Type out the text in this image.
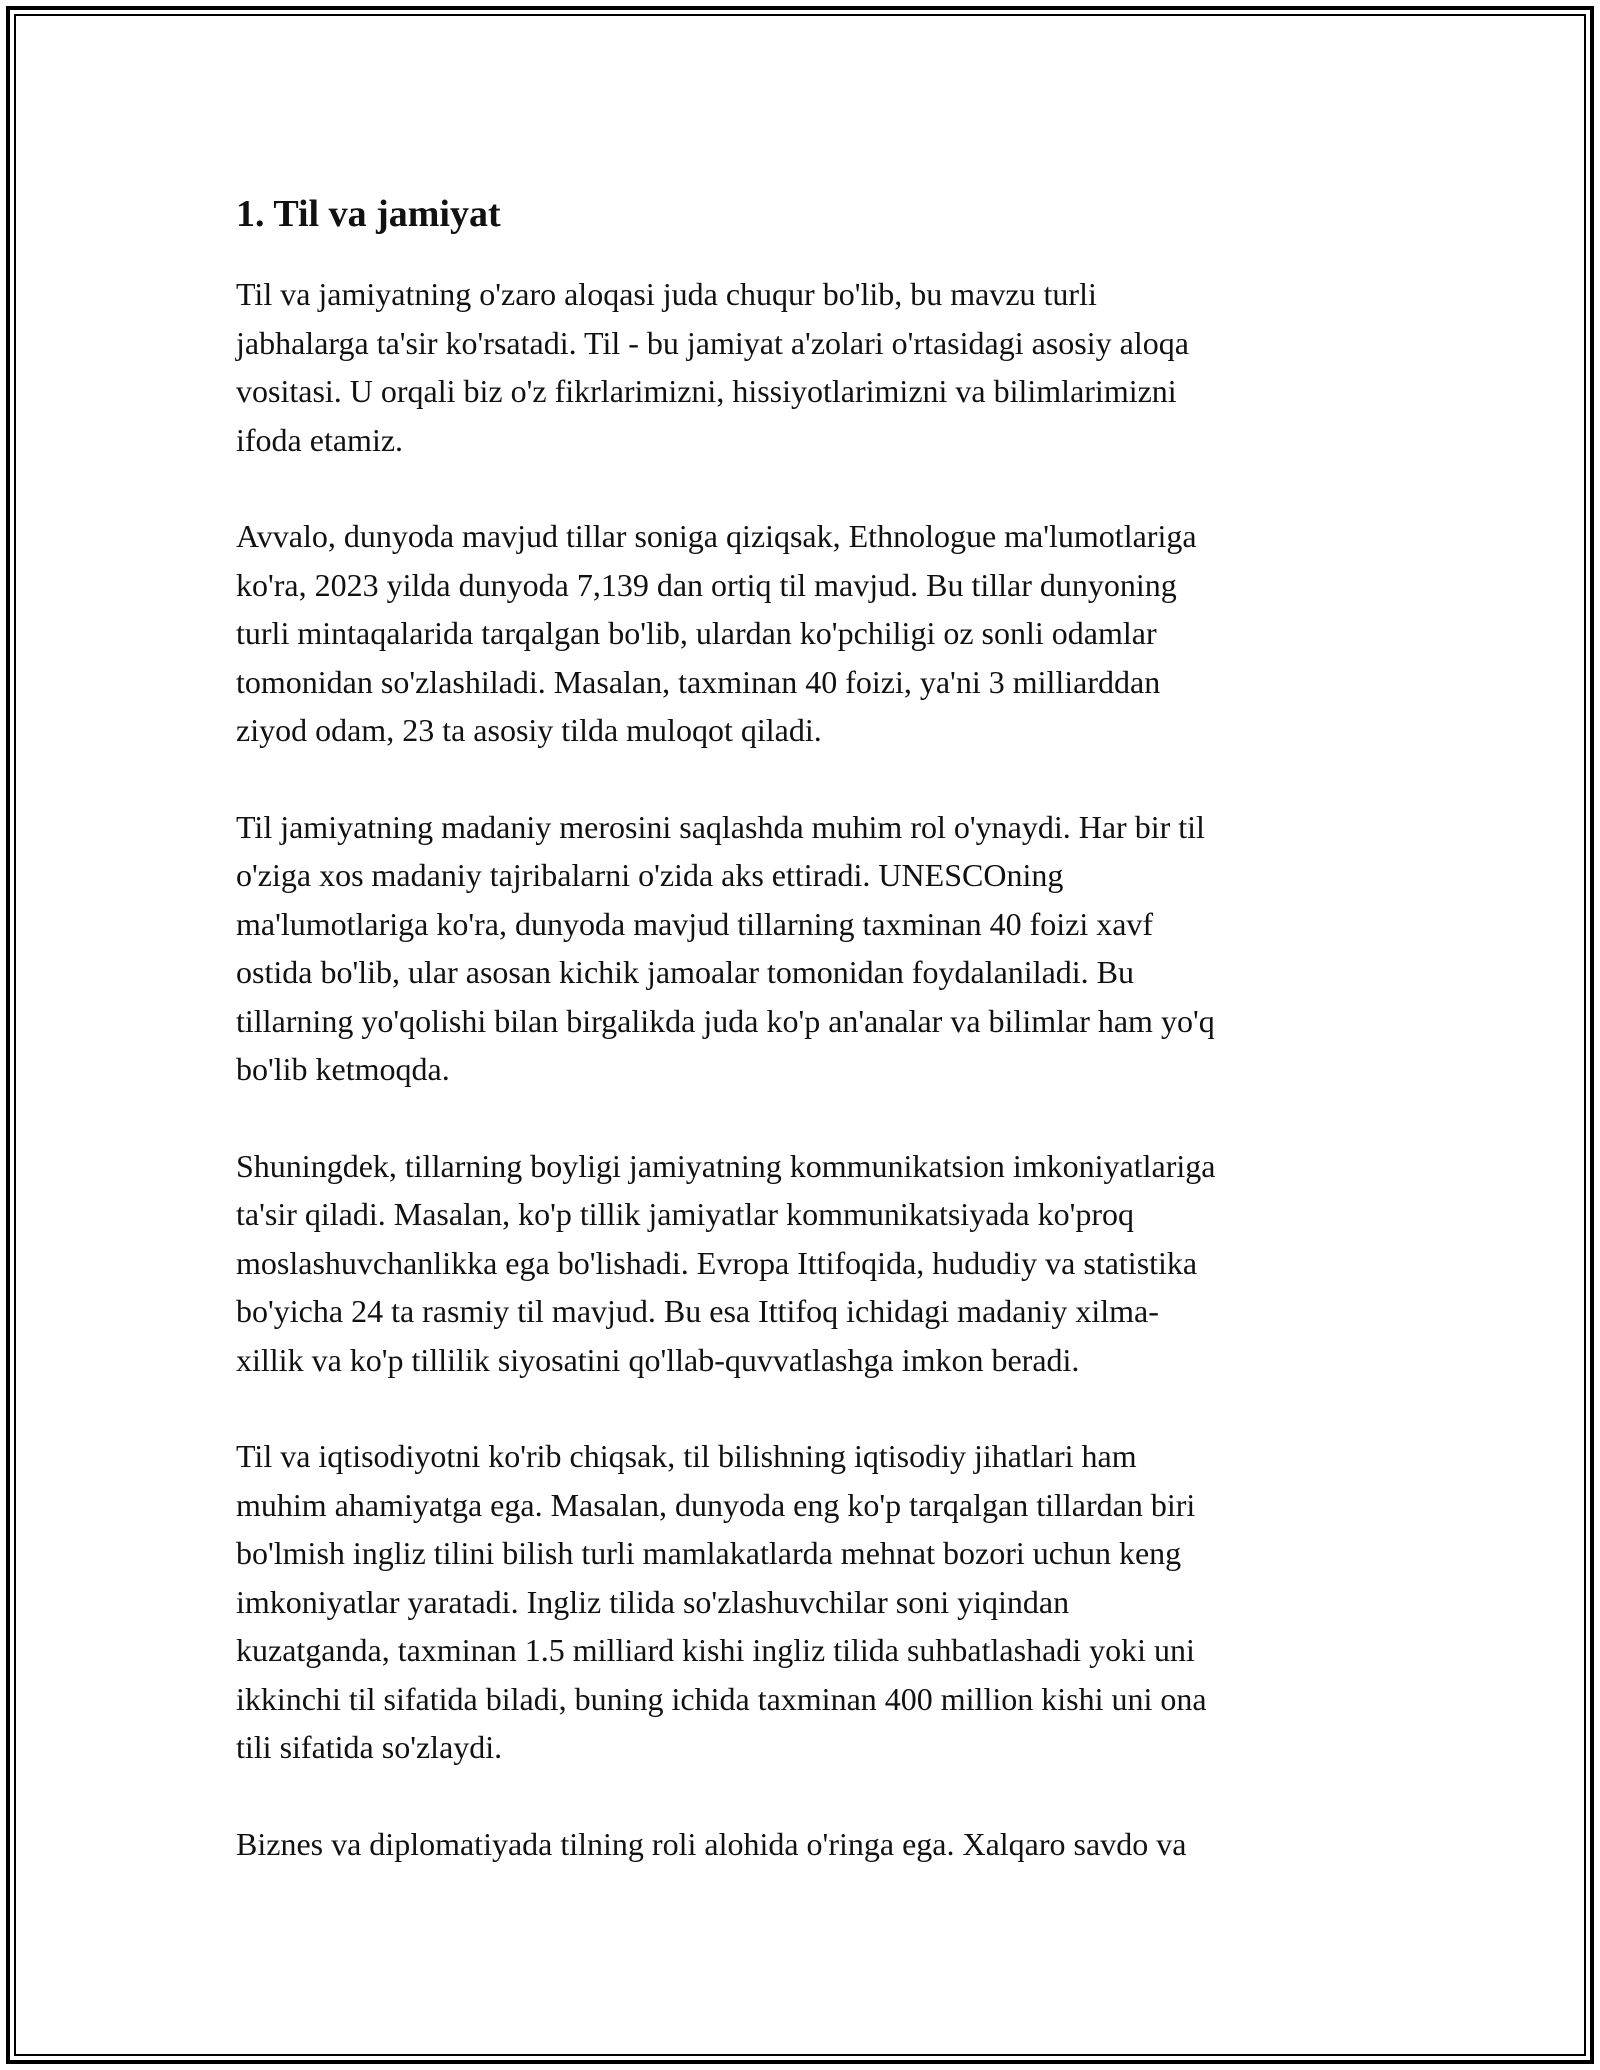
1. Til va jamiyat

Til va jamiyatning o'zaro aloqasi juda chuqur bo'lib, bu mavzu turli
jabhalarga ta'sir ko'rsatadi. Til - bu jamiyat a'zolari o'rtasidagi asosiy aloqa
vositasi. U orqali biz o'z fikrlarimizni, hissiyotlarimizni va bilimlarimizni
ifoda etamiz.

Avvalo, dunyoda mavjud tillar soniga qiziqsak, Ethnologue ma'lumotlariga
ko'ra, 2023 yilda dunyoda 7,139 dan ortiq til mavjud. Bu tillar dunyoning
turli mintaqalarida tarqalgan bo'lib, ulardan ko'pchiligi oz sonli odamlar
tomonidan so'zlashiladi. Masalan, taxminan 40 foizi, ya'ni 3 milliarddan
ziyod odam, 23 ta asosiy tilda muloqot qiladi.

Til jamiyatning madaniy merosini saqlashda muhim rol o'ynaydi. Har bir til
o'ziga xos madaniy tajribalarni o'zida aks ettiradi. UNESCOning
ma'lumotlariga ko'ra, dunyoda mavjud tillarning taxminan 40 foizi xavf
ostida bo'lib, ular asosan kichik jamoalar tomonidan foydalaniladi. Bu
tillarning yo'qolishi bilan birgalikda juda ko'p an'analar va bilimlar ham yo'q
bo'lib ketmoqda.

Shuningdek, tillarning boyligi jamiyatning kommunikatsion imkoniyatlariga
ta'sir qiladi. Masalan, ko'p tillik jamiyatlar kommunikatsiyada ko'proq
moslashuvchanlikka ega bo'lishadi. Evropa Ittifoqida, hududiy va statistika
bo'yicha 24 ta rasmiy til mavjud. Bu esa Ittifoq ichidagi madaniy xilma-
xillik va ko'p tillilik siyosatini qo'llab-quvvatlashga imkon beradi.

Til va iqtisodiyotni ko'rib chiqsak, til bilishning iqtisodiy jihatlari ham
muhim ahamiyatga ega. Masalan, dunyoda eng ko'p tarqalgan tillardan biri
bo'lmish ingliz tilini bilish turli mamlakatlarda mehnat bozori uchun keng
imkoniyatlar yaratadi. Ingliz tilida so'zlashuvchilar soni yiqindan
kuzatganda, taxminan 1.5 milliard kishi ingliz tilida suhbatlashadi yoki uni
ikkinchi til sifatida biladi, buning ichida taxminan 400 million kishi uni ona
tili sifatida so'zlaydi.

Biznes va diplomatiyada tilning roli alohida o'ringa ega. Xalqaro savdo va
